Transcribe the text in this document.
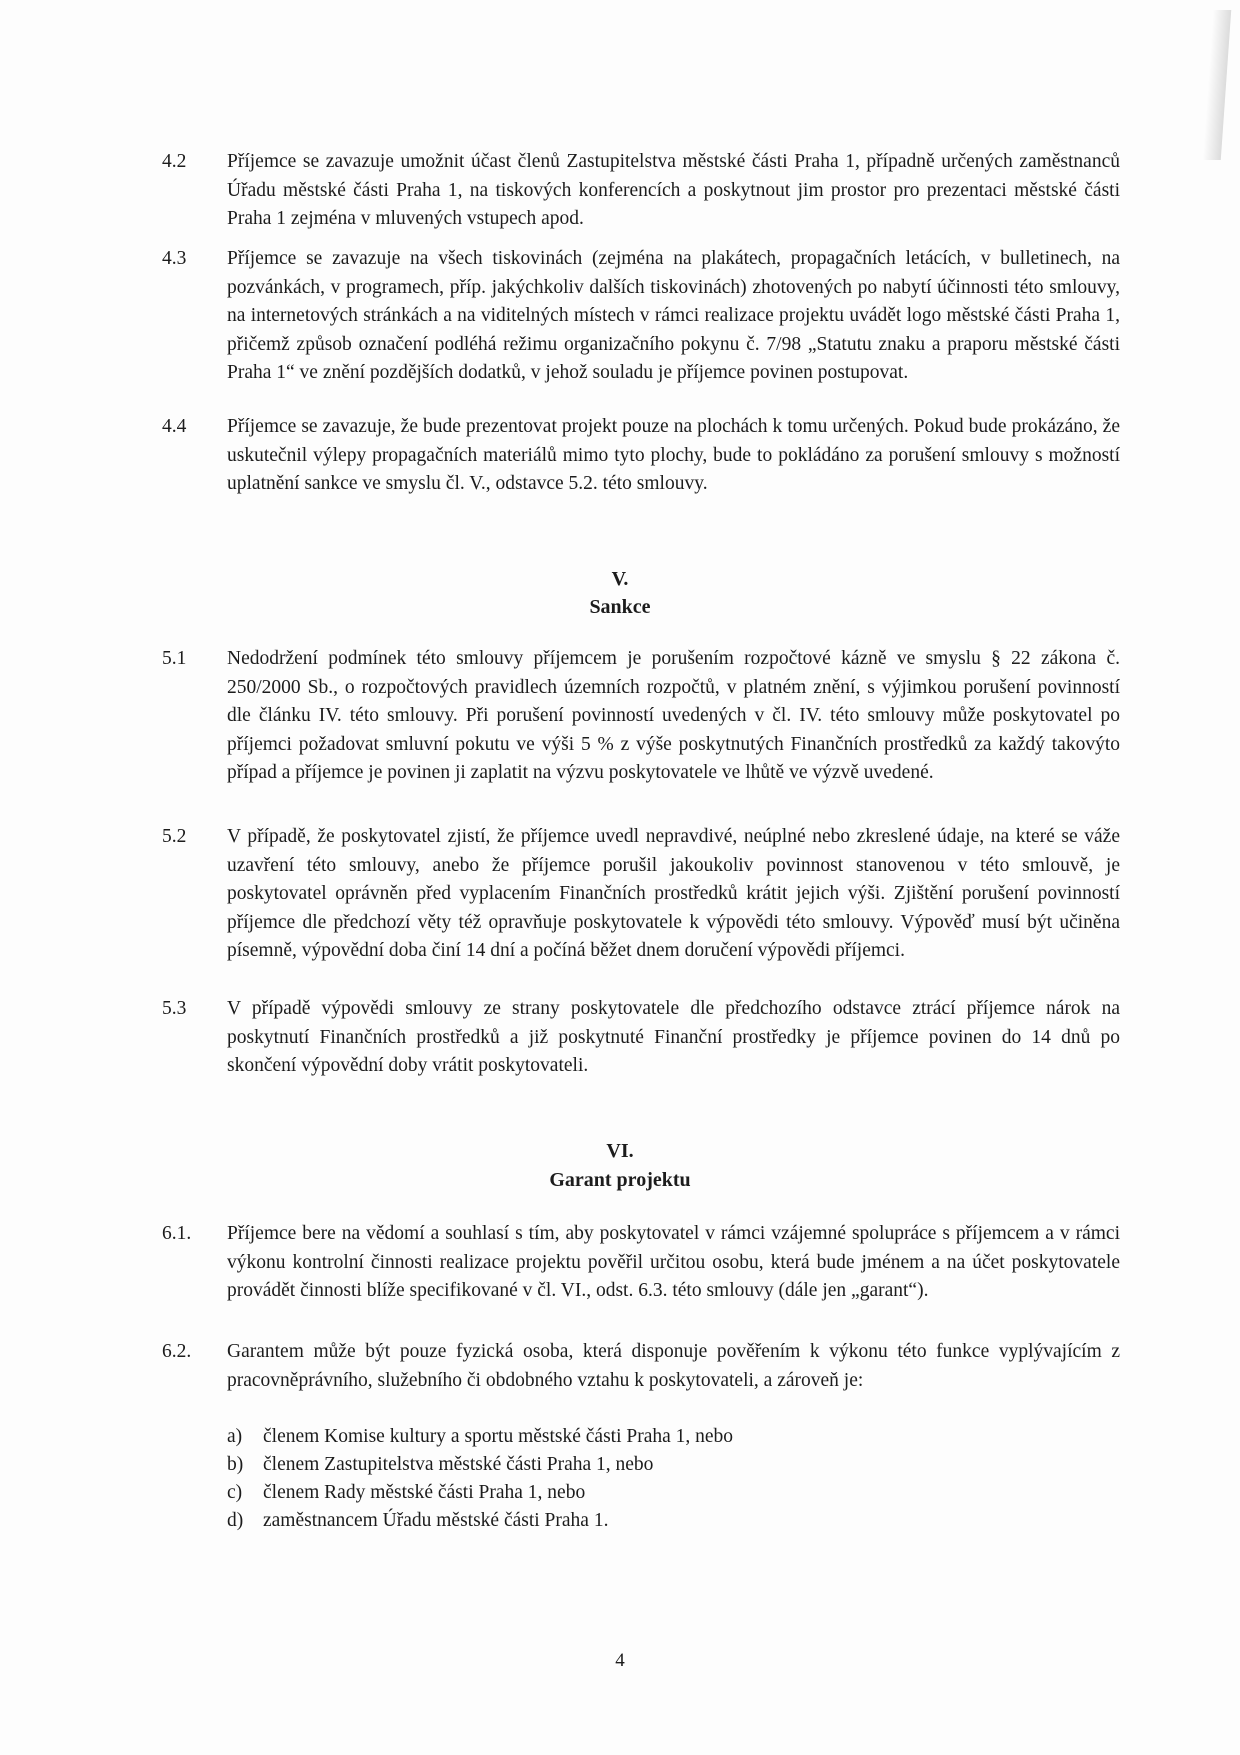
4.2 Příjemce se zavazuje umožnit účast členů Zastupitelstva městské části Praha 1, případně určených zaměstnanců Úřadu městské části Praha 1, na tiskových konferencích a poskytnout jim prostor pro prezentaci městské části Praha 1 zejména v mluvených vstupech apod.

4.3 Příjemce se zavazuje na všech tiskovinách (zejména na plakátech, propagačních letácích, v bulletinech, na pozvánkách, v programech, příp. jakýchkoliv dalších tiskovinách) zhotovených po nabytí účinnosti této smlouvy, na internetových stránkách a na viditelných místech v rámci realizace projektu uvádět logo městské části Praha 1, přičemž způsob označení podléhá režimu organizačního pokynu č. 7/98 „Statutu znaku a praporu městské části Praha 1“ ve znění pozdějších dodatků, v jehož souladu je příjemce povinen postupovat.

4.4 Příjemce se zavazuje, že bude prezentovat projekt pouze na plochách k tomu určených. Pokud bude prokázáno, že uskutečnil výlepy propagačních materiálů mimo tyto plochy, bude to pokládáno za porušení smlouvy s možností uplatnění sankce ve smyslu čl. V., odstavce 5.2. této smlouvy.

V.
Sankce
5.1 Nedodržení podmínek této smlouvy příjemcem je porušením rozpočtové kázně ve smyslu § 22 zákona č. 250/2000 Sb., o rozpočtových pravidlech územních rozpočtů, v platném znění, s výjimkou porušení povinností dle článku IV. této smlouvy. Při porušení povinností uvedených v čl. IV. této smlouvy může poskytovatel po příjemci požadovat smluvní pokutu ve výši 5 % z výše poskytnutých Finančních prostředků za každý takovýto případ a příjemce je povinen ji zaplatit na výzvu poskytovatele ve lhůtě ve výzvě uvedené.

5.2 V případě, že poskytovatel zjistí, že příjemce uvedl nepravdivé, neúplné nebo zkreslené údaje, na které se váže uzavření této smlouvy, anebo že příjemce porušil jakoukoliv povinnost stanovenou v této smlouvě, je poskytovatel oprávněn před vyplacením Finančních prostředků krátit jejich výši. Zjištění porušení povinností příjemce dle předchozí věty též opravňuje poskytovatele k výpovědi této smlouvy. Výpověď musí být učiněna písemně, výpovědní doba činí 14 dní a počíná běžet dnem doručení výpovědi příjemci.

5.3 V případě výpovědi smlouvy ze strany poskytovatele dle předchozího odstavce ztrácí příjemce nárok na poskytnutí Finančních prostředků a již poskytnuté Finanční prostředky je příjemce povinen do 14 dnů po skončení výpovědní doby vrátit poskytovateli.

VI.
Garant projektu
6.1. Příjemce bere na vědomí a souhlasí s tím, aby poskytovatel v rámci vzájemné spolupráce s příjemcem a v rámci výkonu kontrolní činnosti realizace projektu pověřil určitou osobu, která bude jménem a na účet poskytovatele provádět činnosti blíže specifikované v čl. VI., odst. 6.3. této smlouvy (dále jen „garant“).

6.2. Garantem může být pouze fyzická osoba, která disponuje pověřením k výkonu této funkce vyplývajícím z pracovněprávního, služebního či obdobného vztahu k poskytovateli, a zároveň je:

a) členem Komise kultury a sportu městské části Praha 1, nebo
b) členem Zastupitelstva městské části Praha 1, nebo
c) členem Rady městské části Praha 1, nebo
d) zaměstnancem Úřadu městské části Praha 1.
4
